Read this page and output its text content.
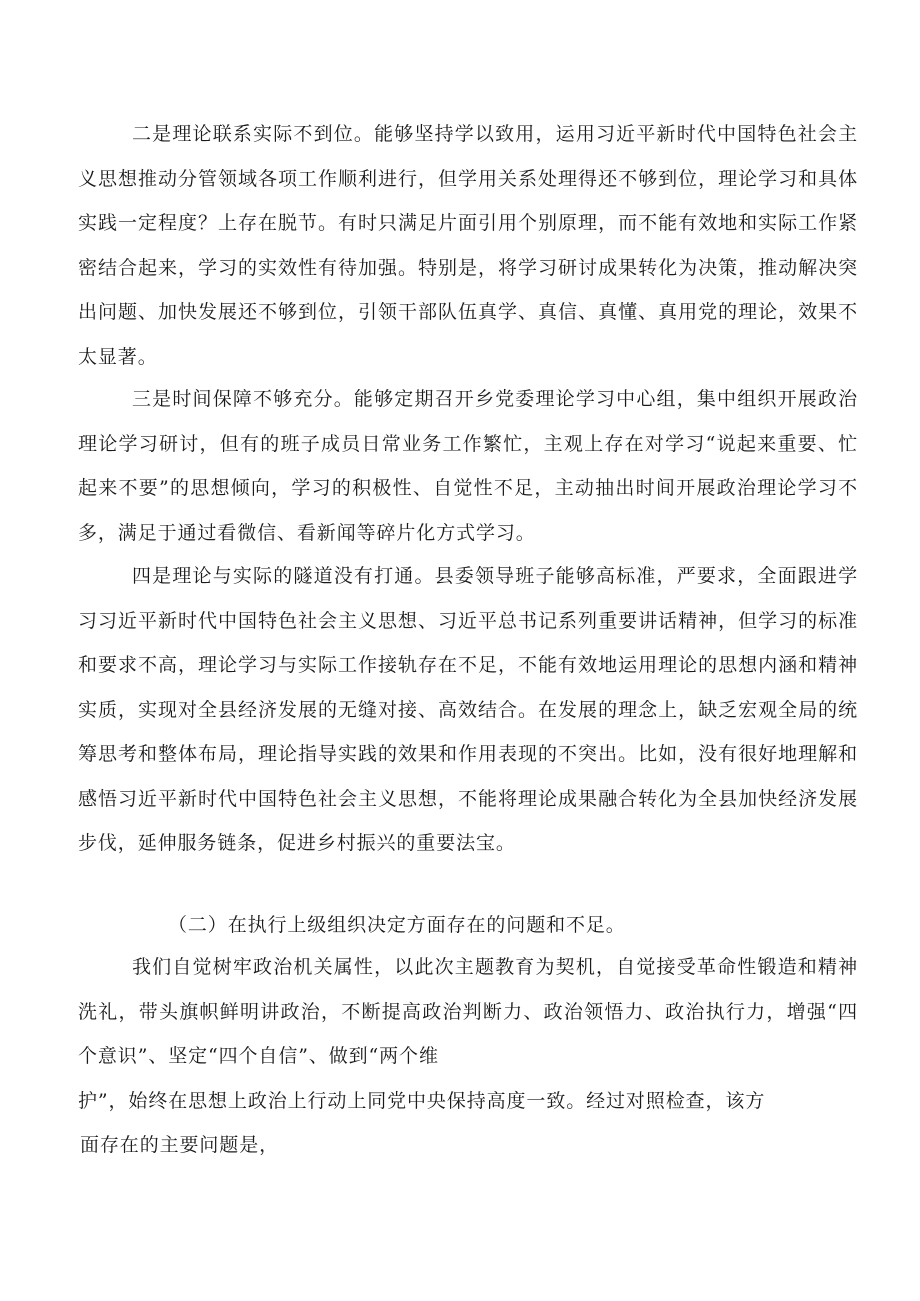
二是理论联系实际不到位。能够坚持学以致用，运用习近平新时代中国特色社会主义思想推动分管领域各项工作顺利进行，但学用关系处理得还不够到位，理论学习和具体实践一定程度？上存在脱节。有时只满足片面引用个别原理，而不能有效地和实际工作紧密结合起来，学习的实效性有待加强。特别是，将学习研讨成果转化为决策，推动解决突出问题、加快发展还不够到位，引领干部队伍真学、真信、真懂、真用党的理论，效果不太显著。

三是时间保障不够充分。能够定期召开乡党委理论学习中心组，集中组织开展政治理论学习研讨，但有的班子成员日常业务工作繁忙，主观上存在对学习“说起来重要、忙起来不要”的思想倾向，学习的积极性、自觉性不足，主动抽出时间开展政治理论学习不多，满足于通过看微信、看新闻等碎片化方式学习。

四是理论与实际的隧道没有打通。县委领导班子能够高标准，严要求，全面跟进学习习近平新时代中国特色社会主义思想、习近平总书记系列重要讲话精神，但学习的标准和要求不高，理论学习与实际工作接轨存在不足，不能有效地运用理论的思想内涵和精神实质，实现对全县经济发展的无缝对接、高效结合。在发展的理念上，缺乏宏观全局的统筹思考和整体布局，理论指导实践的效果和作用表现的不突出。比如，没有很好地理解和感悟习近平新时代中国特色社会主义思想，不能将理论成果融合转化为全县加快经济发展步伐，延伸服务链条，促进乡村振兴的重要法宝。

（二）在执行上级组织决定方面存在的问题和不足。

我们自觉树牢政治机关属性，以此次主题教育为契机，自觉接受革命性锻造和精神洗礼，带头旗帜鲜明讲政治，不断提高政治判断力、政治领悟力、政治执行力，增强“四个意识”、坚定“四个自信”、做到“两个维
护”，始终在思想上政治上行动上同党中央保持高度一致。经过对照检查，该方
面存在的主要问题是，
